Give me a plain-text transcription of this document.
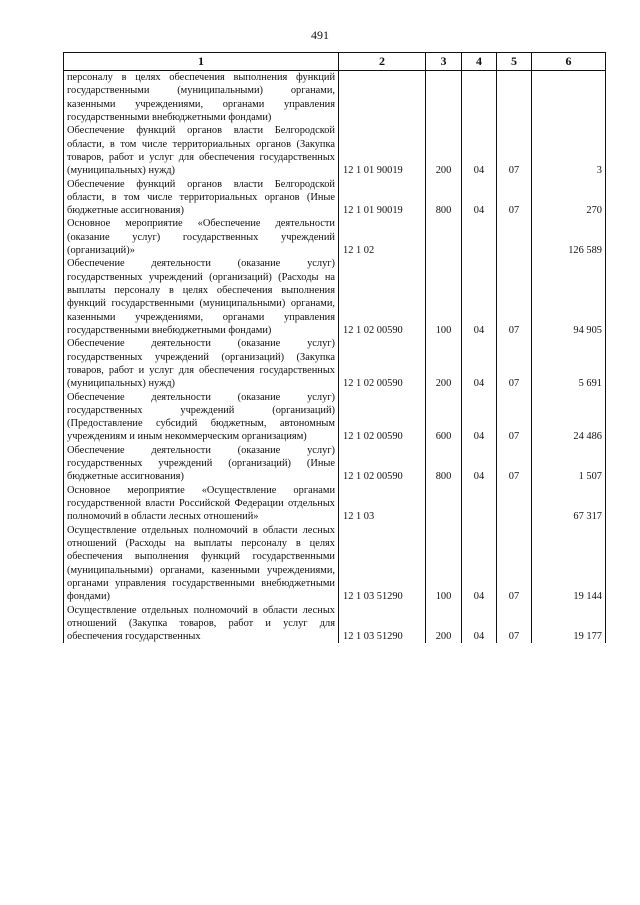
491
1	2	3	4	5	6
персоналу в целях обеспечения выполнения функций государственными (муниципальными) органами, казенными учреждениями, органами управления государственными внебюджетными фондами)					
Обеспечение функций органов власти Белгородской области, в том числе территориальных органов (Закупка товаров, работ и услуг для обеспечения государственных (муниципальных) нужд)	12 1 01 90019	200	04	07	3
Обеспечение функций органов власти Белгородской области, в том числе территориальных органов (Иные бюджетные ассигнования)	12 1 01 90019	800	04	07	270
Основное мероприятие «Обеспечение деятельности (оказание услуг) государственных учреждений (организаций)»	12 1 02				126 589
Обеспечение деятельности (оказание услуг) государственных учреждений (организаций) (Расходы на выплаты персоналу в целях обеспечения выполнения функций государственными (муниципальными) органами, казенными учреждениями, органами управления государственными внебюджетными фондами)	12 1 02 00590	100	04	07	94 905
Обеспечение деятельности (оказание услуг) государственных учреждений (организаций) (Закупка товаров, работ и услуг для обеспечения государственных (муниципальных) нужд)	12 1 02 00590	200	04	07	5 691
Обеспечение деятельности (оказание услуг) государственных учреждений (организаций) (Предоставление субсидий бюджетным, автономным учреждениям и иным некоммерческим организациям)	12 1 02 00590	600	04	07	24 486
Обеспечение деятельности (оказание услуг) государственных учреждений (организаций) (Иные бюджетные ассигнования)	12 1 02 00590	800	04	07	1 507
Основное мероприятие «Осуществление органами государственной власти Российской Федерации отдельных полномочий в области лесных отношений»	12 1 03				67 317
Осуществление отдельных полномочий в области лесных отношений (Расходы на выплаты персоналу в целях обеспечения выполнения функций государственными (муниципальными) органами, казенными учреждениями, органами управления государственными внебюджетными фондами)	12 1 03 51290	100	04	07	19 144
Осуществление отдельных полномочий в области лесных отношений (Закупка товаров, работ и услуг для обеспечения государственных	12 1 03 51290	200	04	07	19 177
